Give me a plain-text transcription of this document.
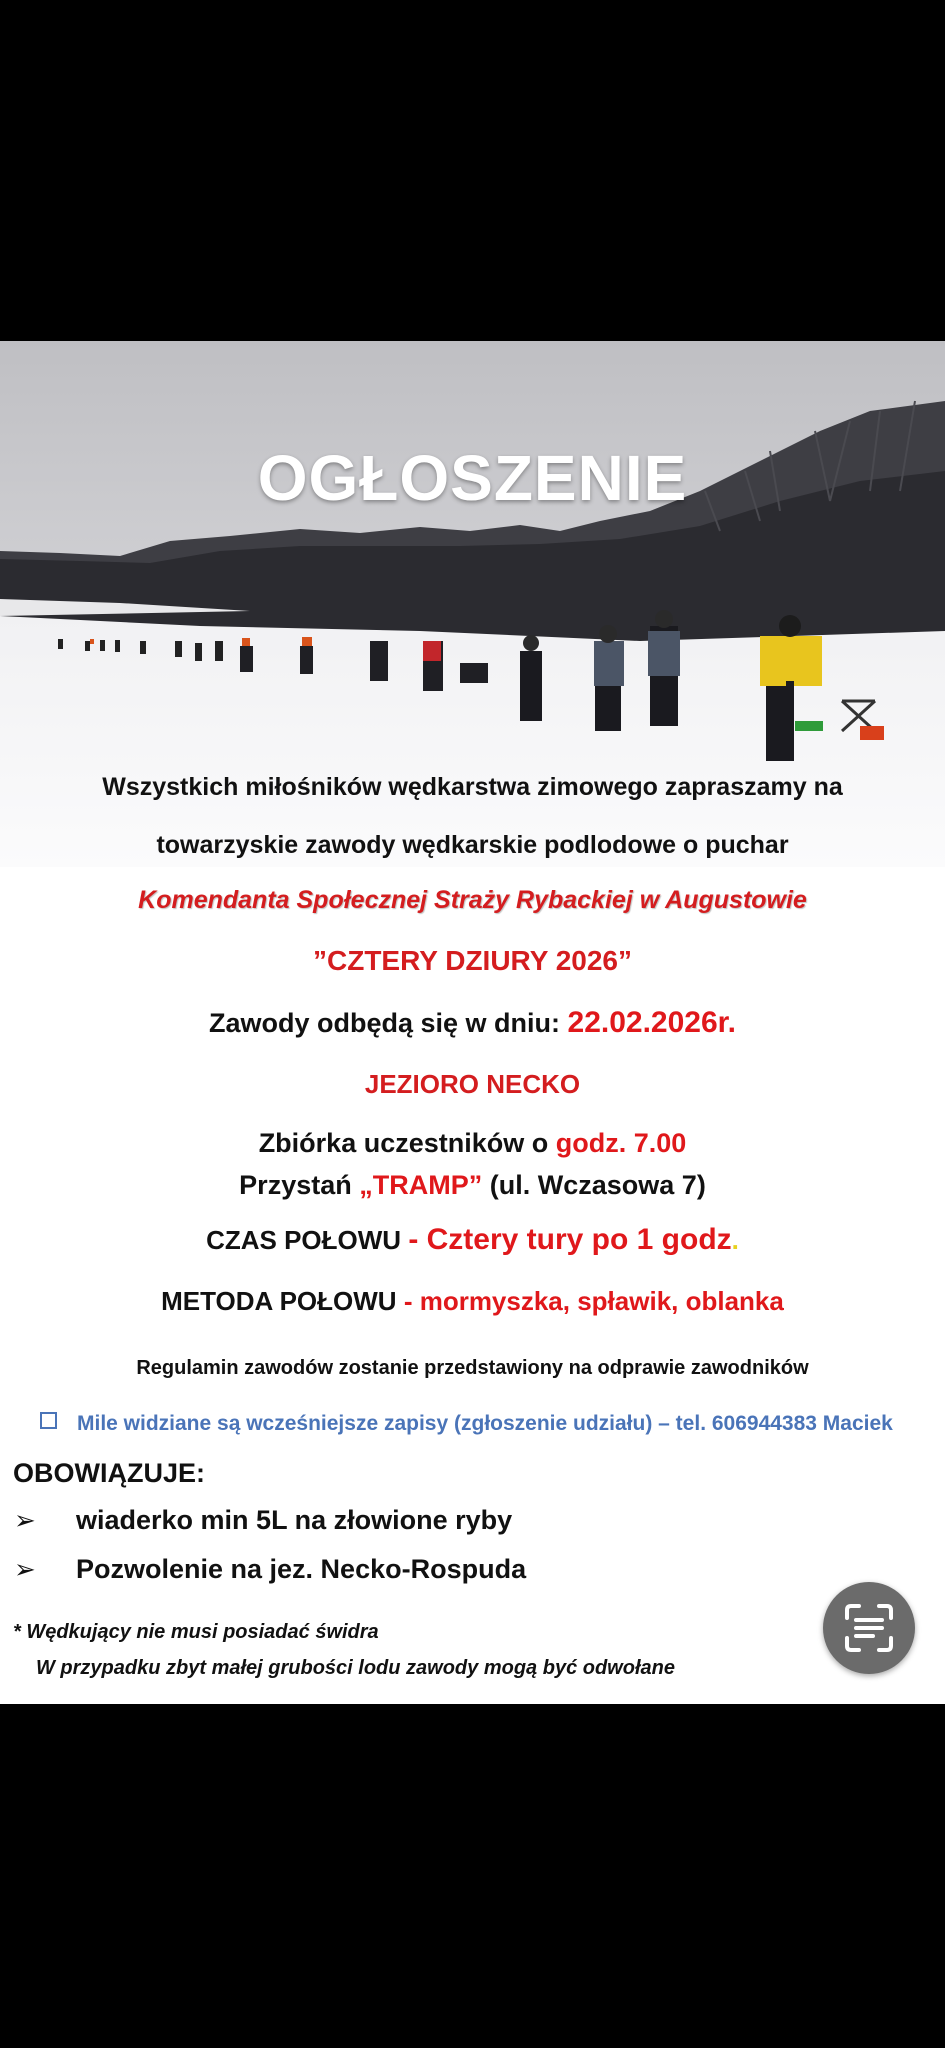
OGŁOSZENIE
Wszystkich miłośników wędkarstwa zimowego zapraszamy na
towarzyskie zawody wędkarskie podlodowe o puchar
Komendanta Społecznej Straży Rybackiej w Augustowie
”CZTERY DZIURY 2026”
Zawody odbędą się w dniu: 22.02.2026r.
JEZIORO NECKO
Zbiórka uczestników o godz. 7.00
Przystań „TRAMP” (ul. Wczasowa 7)
CZAS POŁOWU - Cztery tury po 1 godz.
METODA POŁOWU - mormyszka, spławik, oblanka
Regulamin zawodów zostanie przedstawiony na odprawie zawodników
Mile widziane są wcześniejsze zapisy (zgłoszenie udziału) – tel. 606944383 Maciek
OBOWIĄZUJE:
➢ wiaderko min 5L na złowione ryby
➢ Pozwolenie na jez. Necko-Rospuda
* Wędkujący nie musi posiadać świdra
W przypadku zbyt małej grubości lodu zawody mogą być odwołane
